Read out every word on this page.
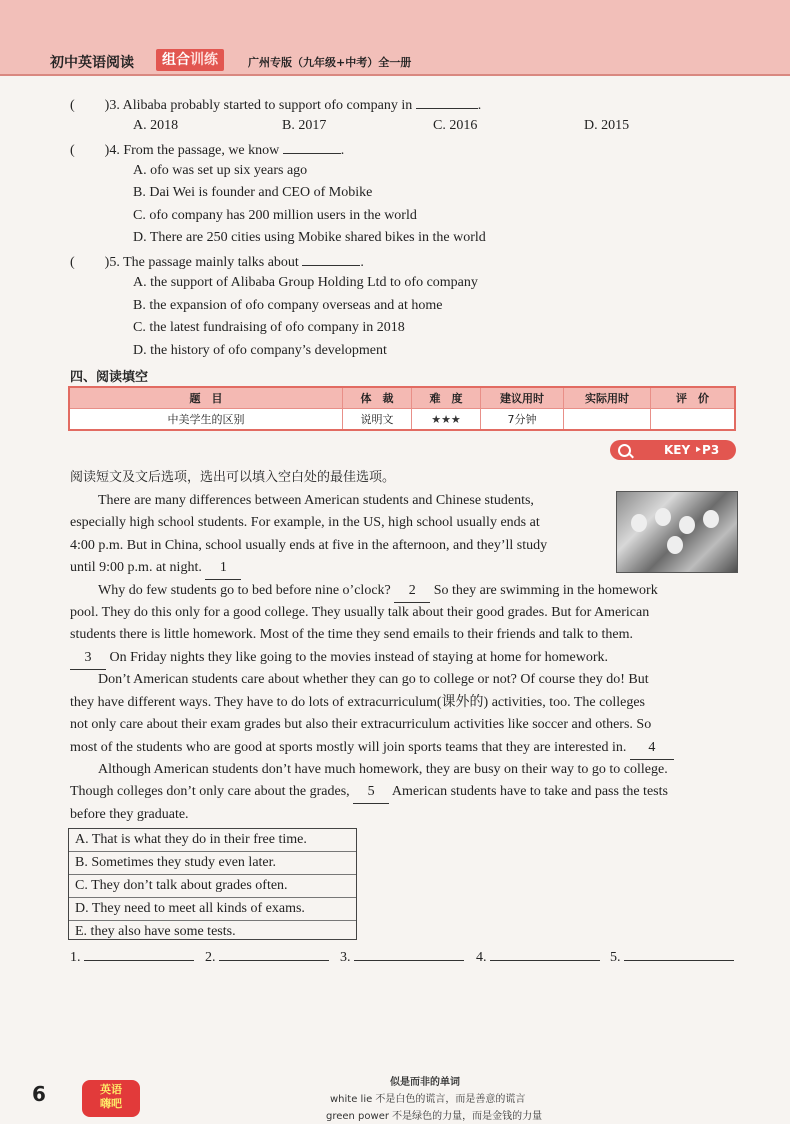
初中英语阅读	组合训练	广州专版（九年级+中考）全一册
( )3. Alibaba probably started to support ofo company in	.
A. 2018	B. 2017	C. 2016	D. 2015
( )4. From the passage, we know	.
A. ofo was set up six years ago
B. Dai Wei is founder and CEO of Mobike
C. ofo company has 200 million users in the world
D. There are 250 cities using Mobike shared bikes in the world
( )5. The passage mainly talks about	.
A. the support of Alibaba Group Holding Ltd to ofo company
B. the expansion of ofo company overseas and at home
C. the latest fundraising of ofo company in 2018
D. the history of ofo company’s development
四、阅读填空
题　目	体　裁	难　度	建议用时	实际用时	评　价
中美学生的区别	说明文	★★★	7分钟		
KEY ‣P3
阅读短文及文后选项，选出可以填入空白处的最佳选项。
There are many differences between American students and Chinese students,
especially high school students. For example, in the US, high school usually ends at
4:00 p.m. But in China, school usually ends at five in the afternoon, and they’ll study
until 9:00 p.m. at night. 1
Why do few students go to bed before nine o’clock? 2 So they are swimming in the homework
pool. They do this only for a good college. They usually talk about their good grades. But for American
students there is little homework. Most of the time they send emails to their friends and talk to them.
3 On Friday nights they like going to the movies instead of staying at home for homework.
Don’t American students care about whether they can go to college or not? Of course they do! But
they have different ways. They have to do lots of extracurriculum(课外的) activities, too. The colleges
not only care about their exam grades but also their extracurriculum activities like soccer and others. So
most of the students who are good at sports mostly will join sports teams that they are interested in. 4
Although American students don’t have much homework, they are busy on their way to go to college.
Though colleges don’t only care about the grades, 5 American students have to take and pass the tests
before they graduate.
A. That is what they do in their free time.
B. Sometimes they study even later.
C. They don’t talk about grades often.
D. They need to meet all kinds of exams.
E. they also have some tests.
1.	2.	3.	4.	5.
6	英语
嗨吧
似是而非的单词
white lie 不是白色的谎言，而是善意的谎言
green power 不是绿色的力量，而是金钱的力量
